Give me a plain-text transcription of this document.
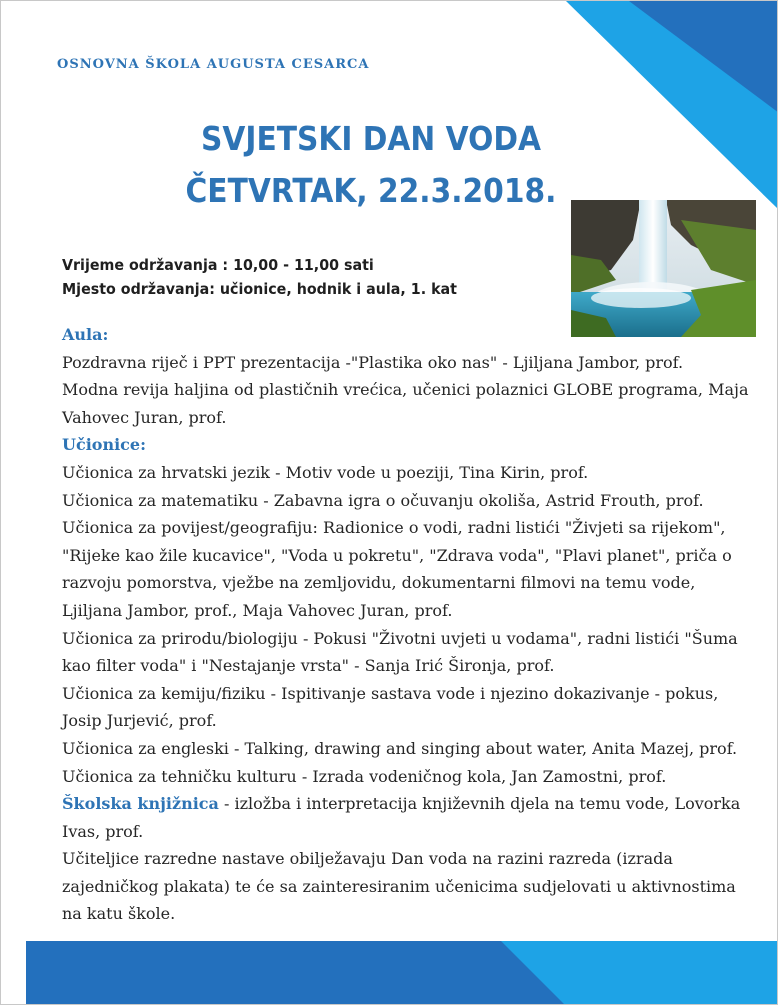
OSNOVNA ŠKOLA AUGUSTA CESARCA
SVJETSKI DAN VODA
ČETVRTAK, 22.3.2018.
Vrijeme održavanja : 10,00 - 11,00 sati
Mjesto održavanja: učionice, hodnik i aula, 1. kat

Aula:

Pozdravna riječ i PPT prezentacija -"Plastika oko nas" - Ljiljana Jambor, prof.

Modna revija haljina od plastičnih vrećica, učenici polaznici GLOBE programa, Maja Vahovec Juran, prof.

Učionice:

Učionica za hrvatski jezik - Motiv vode u poeziji, Tina Kirin, prof.

Učionica za matematiku - Zabavna igra o očuvanju okoliša, Astrid Frouth, prof.

Učionica za povijest/geografiju: Radionice o vodi, radni listići "Živjeti sa rijekom", "Rijeke kao žile kucavice", "Voda u pokretu", "Zdrava voda", "Plavi planet", priča o razvoju pomorstva, vježbe na zemljovidu, dokumentarni filmovi na temu vode, Ljiljana Jambor, prof., Maja Vahovec Juran, prof.

Učionica za prirodu/biologiju - Pokusi "Životni uvjeti u vodama", radni listići "Šuma kao filter voda" i "Nestajanje vrsta" - Sanja Irić Šironja, prof.

Učionica za kemiju/fiziku - Ispitivanje sastava vode i njezino dokazivanje - pokus, Josip Jurjević, prof.

Učionica za engleski - Talking, drawing and singing about water, Anita Mazej, prof.

Učionica za tehničku kulturu - Izrada vodeničnog kola, Jan Zamostni, prof.

Školska knjižnica - izložba i interpretacija književnih djela na temu vode, Lovorka Ivas, prof.

Učiteljice razredne nastave obilježavaju Dan voda na razini razreda (izrada zajedničkog plakata) te će sa zainteresiranim učenicima sudjelovati u aktivnostima na katu škole.
